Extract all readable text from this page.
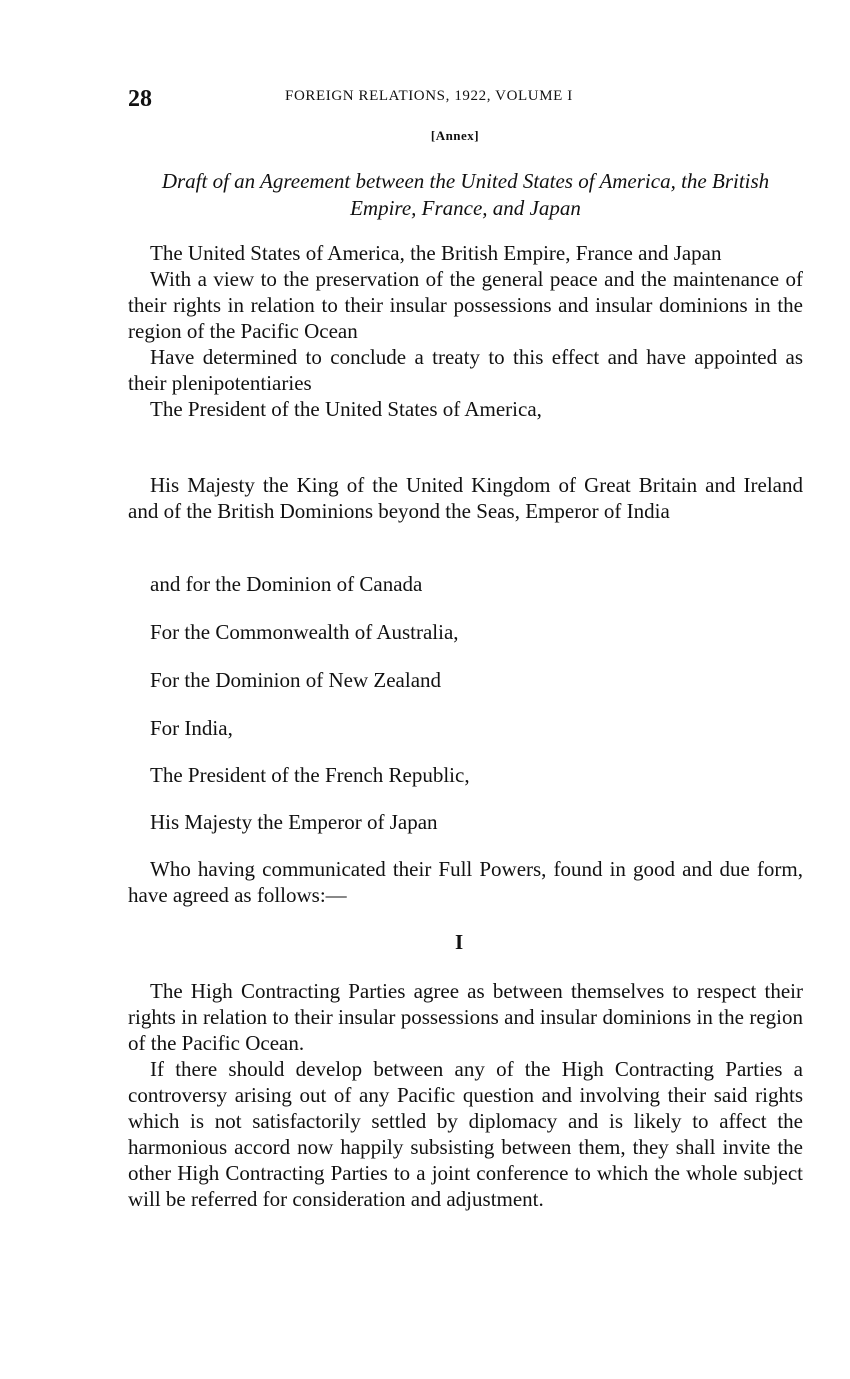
28	FOREIGN RELATIONS, 1922, VOLUME I
[Annex]
Draft of an Agreement between the United States of America, the British Empire, France, and Japan

The United States of America, the British Empire, France and Japan

With a view to the preservation of the general peace and the maintenance of their rights in relation to their insular possessions and insular dominions in the region of the Pacific Ocean

Have determined to conclude a treaty to this effect and have appointed as their plenipotentiaries

The President of the United States of America,

His Majesty the King of the United Kingdom of Great Britain and Ireland and of the British Dominions beyond the Seas, Emperor of India

and for the Dominion of Canada
For the Commonwealth of Australia,
For the Dominion of New Zealand
For India,
The President of the French Republic,
His Majesty the Emperor of Japan

Who having communicated their Full Powers, found in good and due form, have agreed as follows:—

I

The High Contracting Parties agree as between themselves to respect their rights in relation to their insular possessions and insular dominions in the region of the Pacific Ocean.

If there should develop between any of the High Contracting Parties a controversy arising out of any Pacific question and involving their said rights which is not satisfactorily settled by diplomacy and is likely to affect the harmonious accord now happily subsisting between them, they shall invite the other High Contracting Parties to a joint conference to which the whole subject will be referred for consideration and adjustment.
